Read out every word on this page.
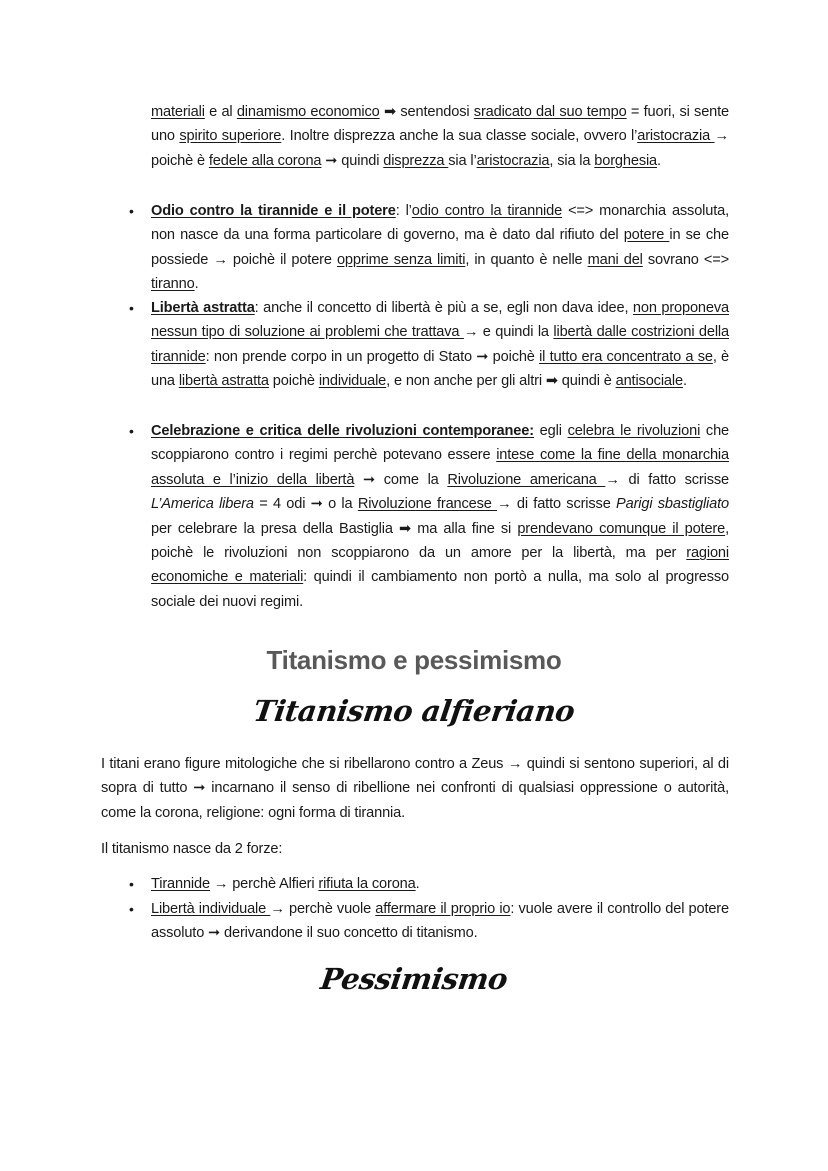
Titanismo e pessimismo
Titanismo alfieriano
Pessimismo
materiali e al dinamismo economico ➡ sentendosi sradicato dal suo tempo = fuori, si sente uno spirito superiore. Inoltre disprezza anche la sua classe sociale, ovvero l’aristocrazia → poichè è fedele alla corona ➞ quindi disprezza sia l’aristocrazia, sia la borghesia.
• Odio contro la tirannide e il potere: l’odio contro la tirannide <=> monarchia assoluta, non nasce da una forma particolare di governo, ma è dato dal rifiuto del potere in se che possiede → poichè il potere opprime senza limiti, in quanto è nelle mani del sovrano <=> tiranno.
• Libertà astratta: anche il concetto di libertà è più a se, egli non dava idee, non proponeva nessun tipo di soluzione ai problemi che trattava → e quindi la libertà dalle costrizioni della tirannide: non prende corpo in un progetto di Stato ➞ poichè il tutto era concentrato a se, è una libertà astratta poichè individuale, e non anche per gli altri ➡ quindi è antisociale.
• Celebrazione e critica delle rivoluzioni contemporanee: egli celebra le rivoluzioni che scoppiarono contro i regimi perchè potevano essere intese come la fine della monarchia assoluta e l’inizio della libertà ➞ come la Rivoluzione americana → di fatto scrisse L’America libera = 4 odi ➞ o la Rivoluzione francese → di fatto scrisse Parigi sbastigliato per celebrare la presa della Bastiglia ➡ ma alla fine si prendevano comunque il potere, poichè le rivoluzioni non scoppiarono da un amore per la libertà, ma per ragioni economiche e materiali: quindi il cambiamento non portò a nulla, ma solo al progresso sociale dei nuovi regimi.
I titani erano figure mitologiche che si ribellarono contro a Zeus → quindi si sentono superiori, al di sopra di tutto ➞ incarnano il senso di ribellione nei confronti di qualsiasi oppressione o autorità, come la corona, religione: ogni forma di tirannia.
Il titanismo nasce da 2 forze:
• Tirannide → perchè Alfieri rifiuta la corona.
• Libertà individuale → perchè vuole affermare il proprio io: vuole avere il controllo del potere assoluto ➞ derivandone il suo concetto di titanismo.
